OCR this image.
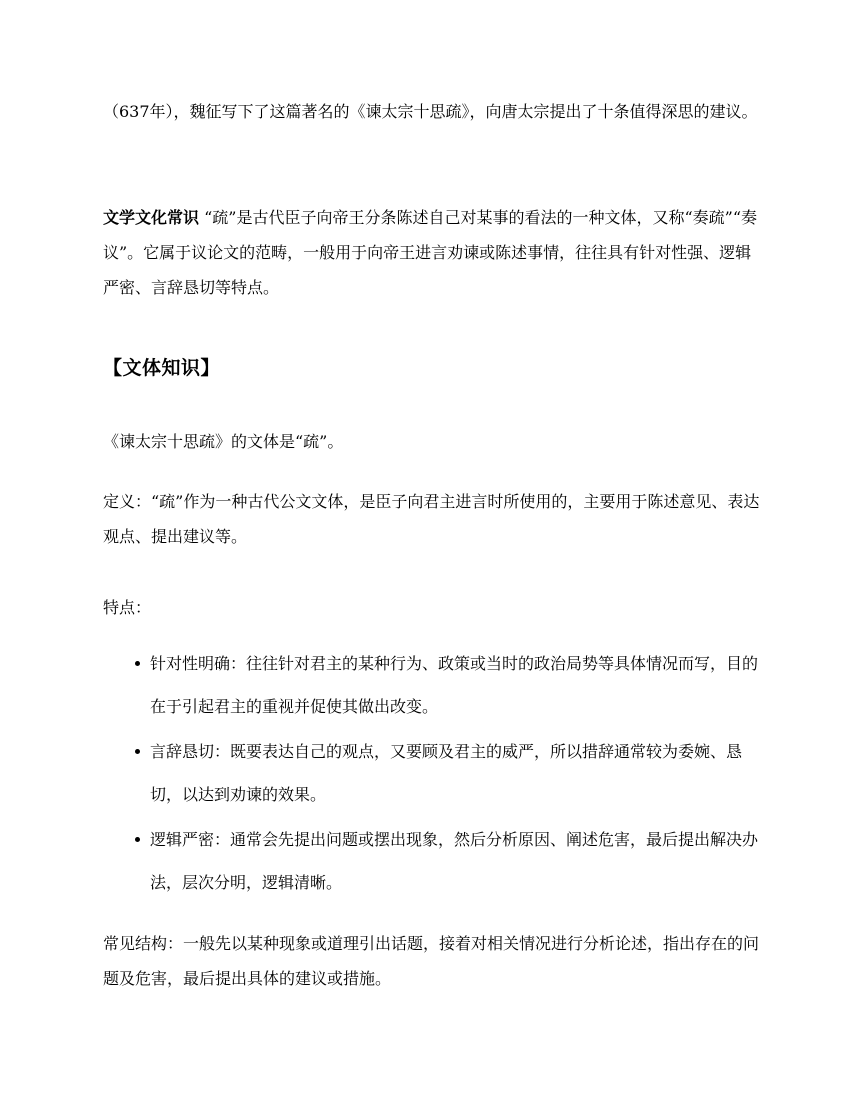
（637年），魏征写下了这篇著名的《谏太宗十思疏》，向唐太宗提出了十条值得深思的建议。

文学文化常识 “疏”是古代臣子向帝王分条陈述自己对某事的看法的一种文体，又称“奏疏”“奏议”。它属于议论文的范畴，一般用于向帝王进言劝谏或陈述事情，往往具有针对性强、逻辑严密、言辞恳切等特点。

【文体知识】

《谏太宗十思疏》的文体是“疏”。

定义：“疏”作为一种古代公文文体，是臣子向君主进言时所使用的，主要用于陈述意见、表达观点、提出建议等。

特点：

针对性明确：往往针对君主的某种行为、政策或当时的政治局势等具体情况而写，目的在于引起君主的重视并促使其做出改变。
言辞恳切：既要表达自己的观点，又要顾及君主的威严，所以措辞通常较为委婉、恳切，以达到劝谏的效果。
逻辑严密：通常会先提出问题或摆出现象，然后分析原因、阐述危害，最后提出解决办法，层次分明，逻辑清晰。

常见结构：一般先以某种现象或道理引出话题，接着对相关情况进行分析论述，指出存在的问题及危害，最后提出具体的建议或措施。
